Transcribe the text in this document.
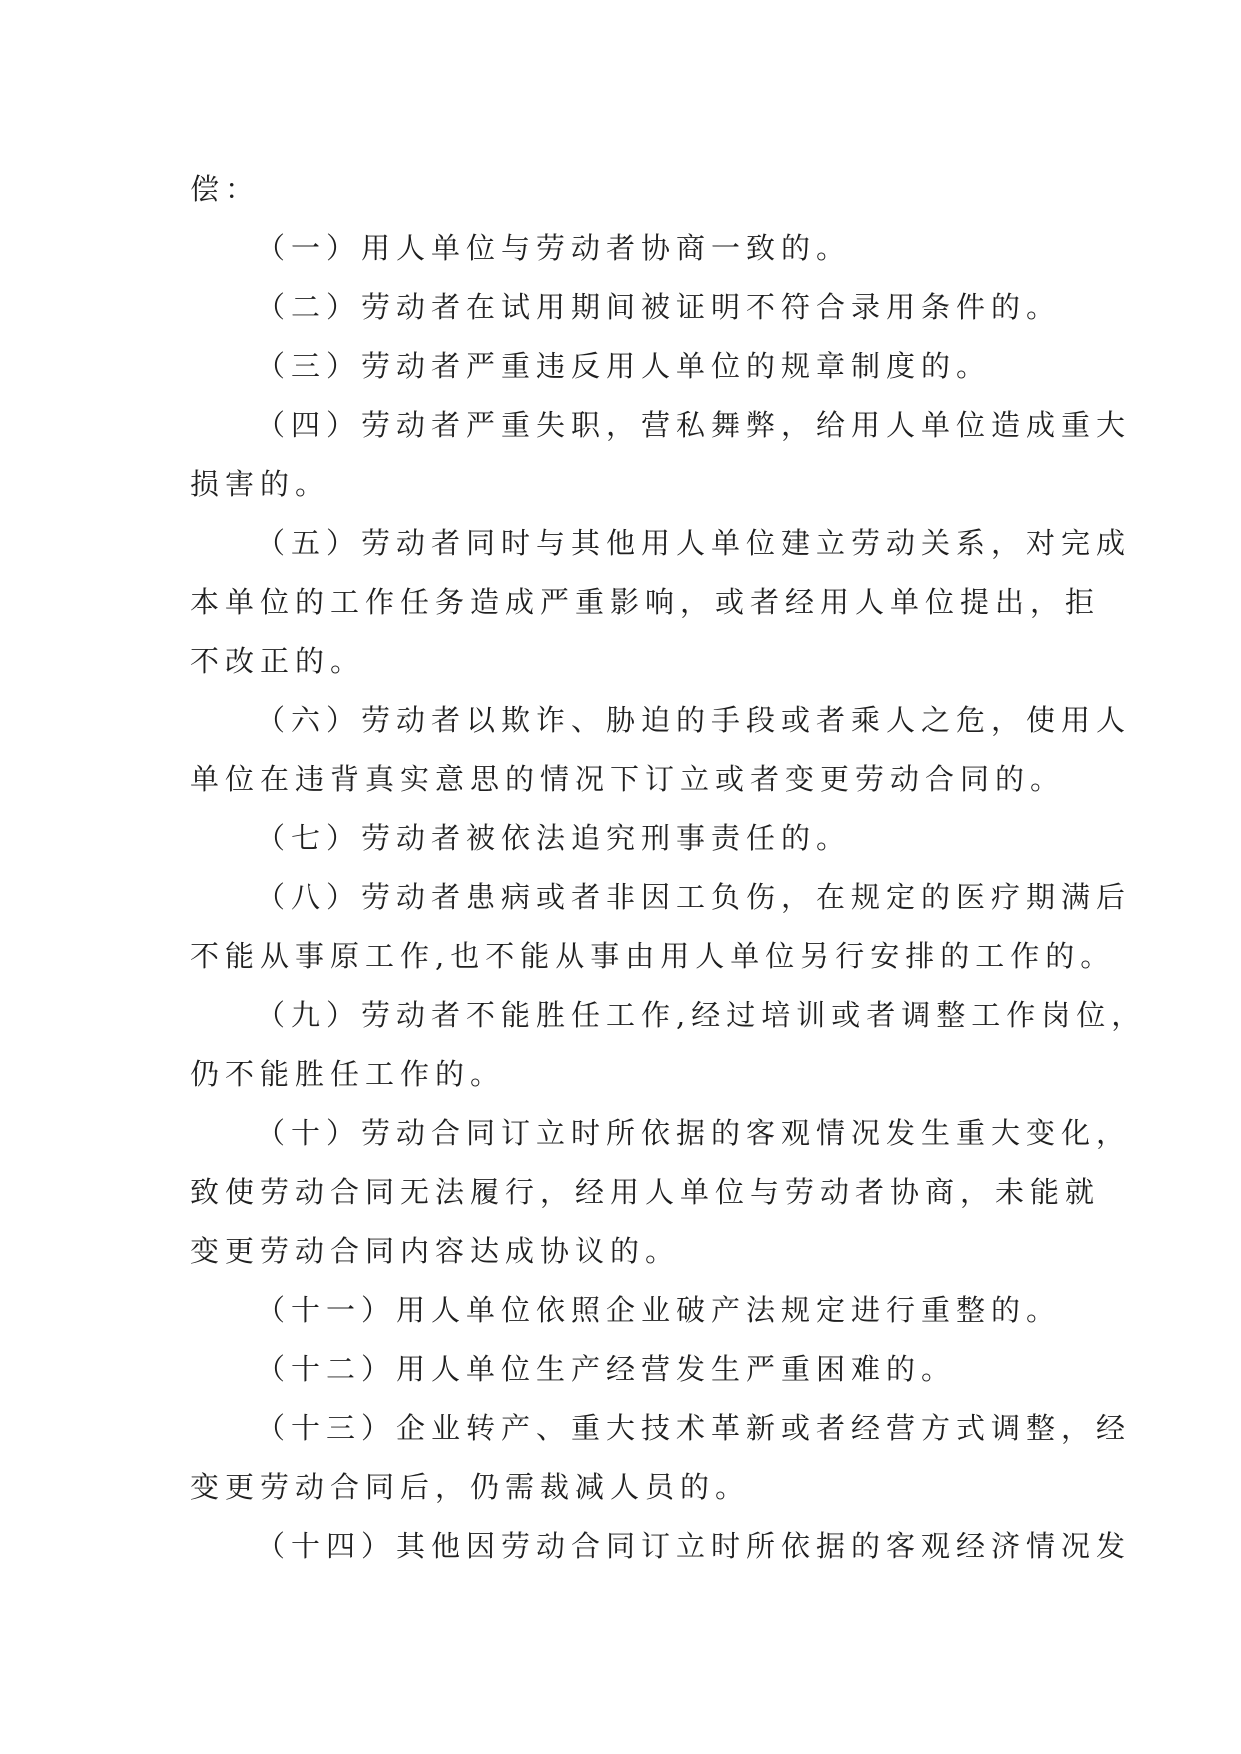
偿：

（一）用人单位与劳动者协商一致的。

（二）劳动者在试用期间被证明不符合录用条件的。

（三）劳动者严重违反用人单位的规章制度的。

（四）劳动者严重失职，营私舞弊，给用人单位造成重大
损害的。

（五）劳动者同时与其他用人单位建立劳动关系，对完成
本单位的工作任务造成严重影响，或者经用人单位提出，拒
不改正的。

（六）劳动者以欺诈、胁迫的手段或者乘人之危，使用人
单位在违背真实意思的情况下订立或者变更劳动合同的。

（七）劳动者被依法追究刑事责任的。

（八）劳动者患病或者非因工负伤，在规定的医疗期满后
不能从事原工作,也不能从事由用人单位另行安排的工作的。

（九）劳动者不能胜任工作,经过培训或者调整工作岗位，
仍不能胜任工作的。

（十）劳动合同订立时所依据的客观情况发生重大变化，
致使劳动合同无法履行，经用人单位与劳动者协商，未能就
变更劳动合同内容达成协议的。

（十一）用人单位依照企业破产法规定进行重整的。

（十二）用人单位生产经营发生严重困难的。

（十三）企业转产、重大技术革新或者经营方式调整，经
变更劳动合同后，仍需裁减人员的。

（十四）其他因劳动合同订立时所依据的客观经济情况发
